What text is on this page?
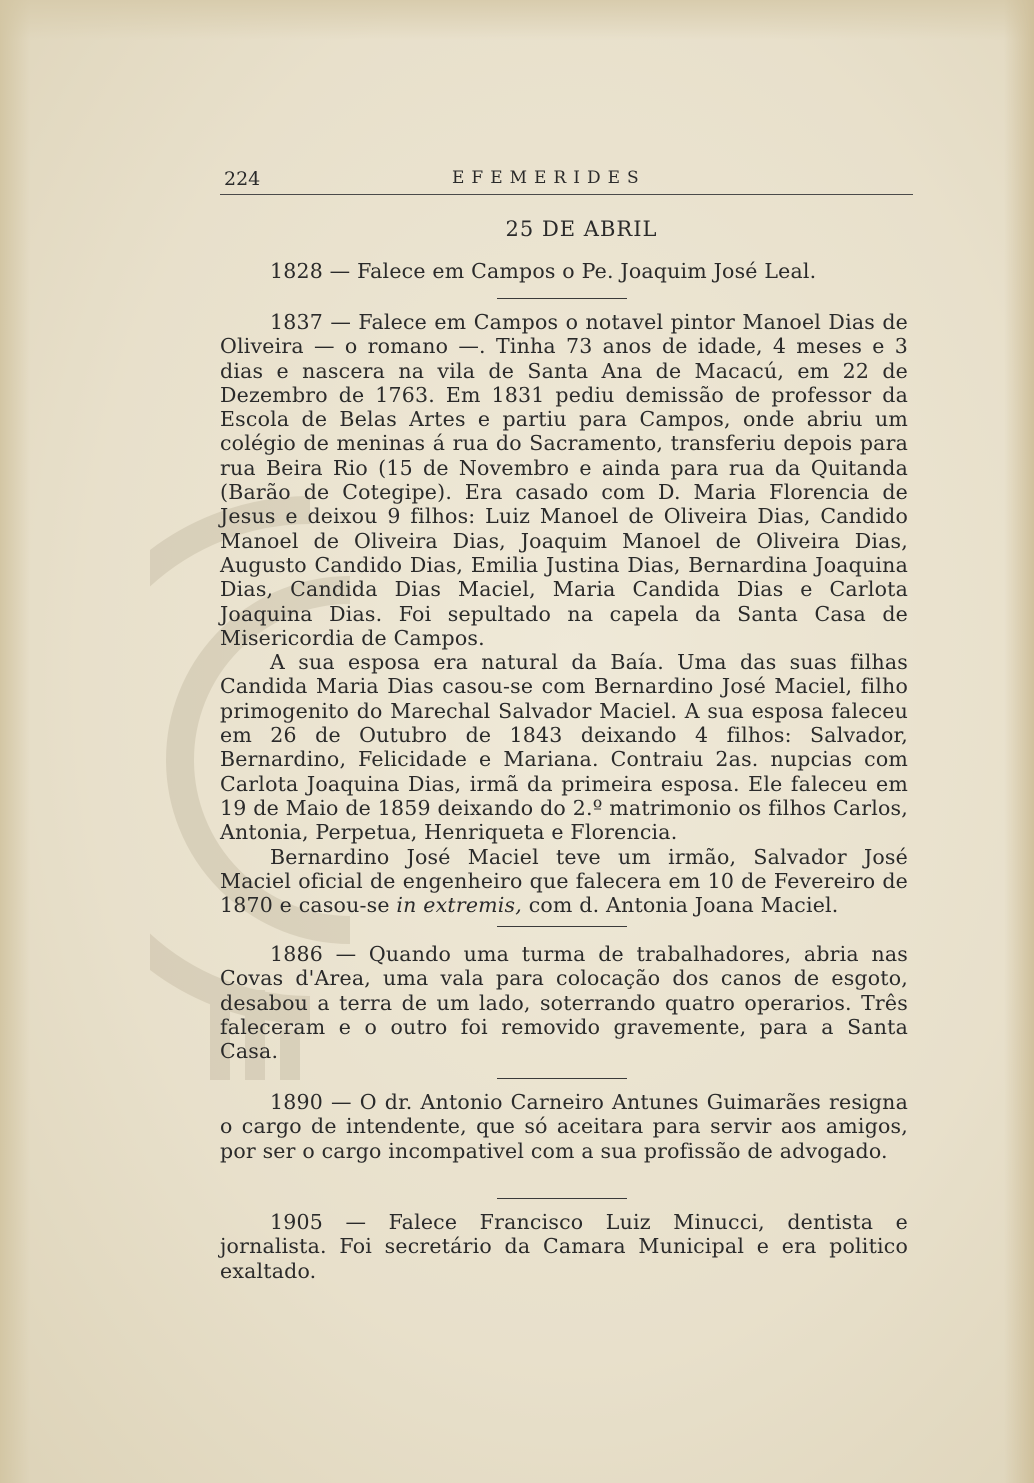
224	EFEMERIDES
25 DE ABRIL

1828 — Falece em Campos o Pe. Joaquim José Leal.

1837 — Falece em Campos o notavel pintor Manoel Dias de Oliveira — o romano —. Tinha 73 anos de idade, 4 meses e 3 dias e nascera na vila de Santa Ana de Macacú, em 22 de Dezembro de 1763. Em 1831 pediu demissão de professor da Escola de Belas Artes e partiu para Campos, onde abriu um colégio de meninas á rua do Sacramento, transferiu depois para rua Beira Rio (15 de Novembro e ainda para rua da Quitanda (Barão de Cotegipe). Era casado com D. Maria Florencia de Jesus e deixou 9 filhos: Luiz Manoel de Oliveira Dias, Candido Manoel de Oliveira Dias, Joaquim Manoel de Oliveira Dias, Augusto Candido Dias, Emilia Justina Dias, Bernardina Joaquina Dias, Candida Dias Maciel, Maria Candida Dias e Carlota Joaquina Dias. Foi sepultado na capela da Santa Casa de Misericordia de Campos.

A sua esposa era natural da Baía. Uma das suas filhas Candida Maria Dias casou-se com Bernardino José Maciel, filho primogenito do Marechal Salvador Maciel. A sua esposa faleceu em 26 de Outubro de 1843 deixando 4 filhos: Salvador, Bernardino, Felicidade e Mariana. Contraiu 2as. nupcias com Carlota Joaquina Dias, irmã da primeira esposa. Ele faleceu em 19 de Maio de 1859 deixando do 2.º matrimonio os filhos Carlos, Antonia, Perpetua, Henriqueta e Florencia.

Bernardino José Maciel teve um irmão, Salvador José Maciel oficial de engenheiro que falecera em 10 de Fevereiro de 1870 e casou-se in extremis, com d. Antonia Joana Maciel.

1886 — Quando uma turma de trabalhadores, abria nas Covas d'Area, uma vala para colocação dos canos de esgoto, desabou a terra de um lado, soterrando quatro operarios. Três faleceram e o outro foi removido gravemente, para a Santa Casa.

1890 — O dr. Antonio Carneiro Antunes Guimarães resigna o cargo de intendente, que só aceitara para servir aos amigos, por ser o cargo incompativel com a sua profissão de advogado.

1905 — Falece Francisco Luiz Minucci, dentista e jornalista. Foi secretário da Camara Municipal e era politico exaltado.
